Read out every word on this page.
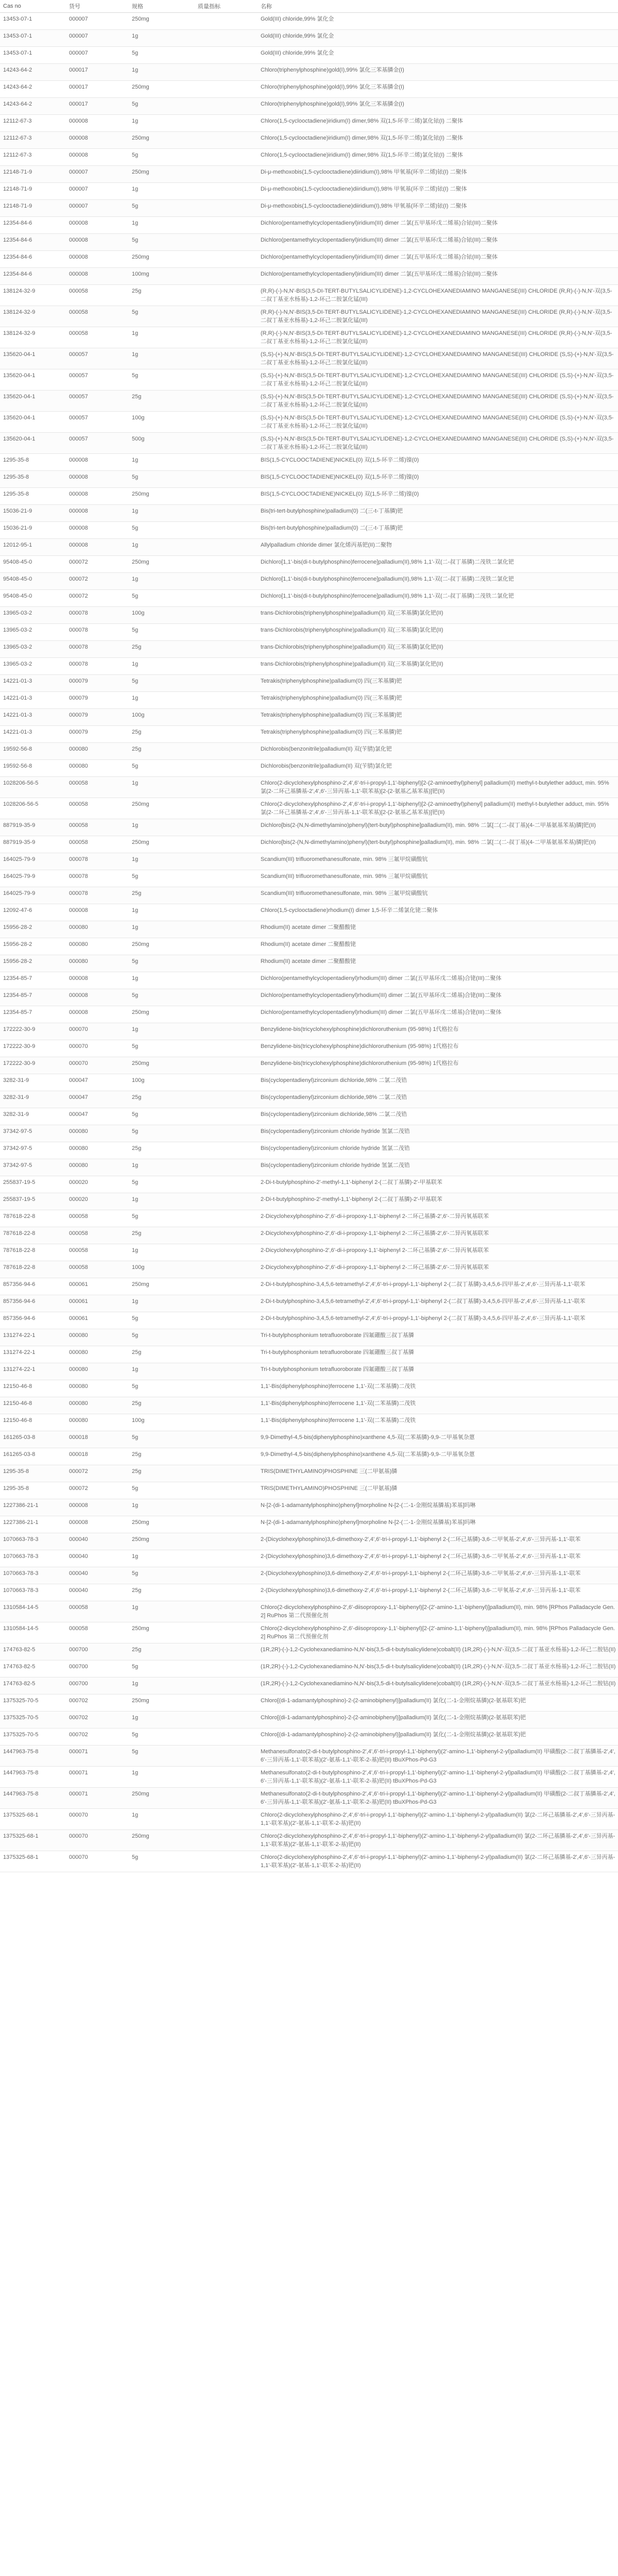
Cas no	货号	规格	质量指标	名称
13453-07-1	000007	250mg		Gold(III) chloride,99% 氯化金
13453-07-1	000007	1g		Gold(III) chloride,99% 氯化金
13453-07-1	000007	5g		Gold(III) chloride,99% 氯化金
14243-64-2	000017	1g		Chloro(triphenylphosphine)gold(I),99% 氯化三苯基膦金(I)
14243-64-2	000017	250mg		Chloro(triphenylphosphine)gold(I),99% 氯化三苯基膦金(I)
14243-64-2	000017	5g		Chloro(triphenylphosphine)gold(I),99% 氯化三苯基膦金(I)
12112-67-3	000008	1g		Chloro(1,5-cyclooctadiene)iridium(I) dimer,98% 双(1,5-环辛二烯)氯化铱(I) 二聚体
12112-67-3	000008	250mg		Chloro(1,5-cyclooctadiene)iridium(I) dimer,98% 双(1,5-环辛二烯)氯化铱(I) 二聚体
12112-67-3	000008	5g		Chloro(1,5-cyclooctadiene)iridium(I) dimer,98% 双(1,5-环辛二烯)氯化铱(I) 二聚体
12148-71-9	000007	250mg		Di-μ-methoxobis(1,5-cyclooctadiene)diiridium(I),98% 甲氧基(环辛二烯)铱(I) 二聚体
12148-71-9	000007	1g		Di-μ-methoxobis(1,5-cyclooctadiene)diiridium(I),98% 甲氧基(环辛二烯)铱(I) 二聚体
12148-71-9	000007	5g		Di-μ-methoxobis(1,5-cyclooctadiene)diiridium(I),98% 甲氧基(环辛二烯)铱(I) 二聚体
12354-84-6	000008	1g		Dichloro(pentamethylcyclopentadienyl)iridium(III) dimer 二氯(五甲基环戊二烯基)合铱(III)二聚体
12354-84-6	000008	5g		Dichloro(pentamethylcyclopentadienyl)iridium(III) dimer 二氯(五甲基环戊二烯基)合铱(III)二聚体
12354-84-6	000008	250mg		Dichloro(pentamethylcyclopentadienyl)iridium(III) dimer 二氯(五甲基环戊二烯基)合铱(III)二聚体
12354-84-6	000008	100mg		Dichloro(pentamethylcyclopentadienyl)iridium(III) dimer 二氯(五甲基环戊二烯基)合铱(III)二聚体
138124-32-9	000058	25g		(R,R)-(-)-N,N'-BIS(3,5-DI-TERT-BUTYLSALICYLIDENE)-1,2-CYCLOHEXANEDIAMINO MANGANESE(III) CHLORIDE (R,R)-(-)-N,N'-双(3,5-二叔丁基亚水杨基)-1,2-环己二胺氯化锰(III)
138124-32-9	000058	5g		(R,R)-(-)-N,N'-BIS(3,5-DI-TERT-BUTYLSALICYLIDENE)-1,2-CYCLOHEXANEDIAMINO MANGANESE(III) CHLORIDE (R,R)-(-)-N,N'-双(3,5-二叔丁基亚水杨基)-1,2-环己二胺氯化锰(III)
138124-32-9	000058	1g		(R,R)-(-)-N,N'-BIS(3,5-DI-TERT-BUTYLSALICYLIDENE)-1,2-CYCLOHEXANEDIAMINO MANGANESE(III) CHLORIDE (R,R)-(-)-N,N'-双(3,5-二叔丁基亚水杨基)-1,2-环己二胺氯化锰(III)
135620-04-1	000057	1g		(S,S)-(+)-N,N'-BIS(3,5-DI-TERT-BUTYLSALICYLIDENE)-1,2-CYCLOHEXANEDIAMINO MANGANESE(III) CHLORIDE (S,S)-(+)-N,N'-双(3,5-二叔丁基亚水杨基)-1,2-环己二胺氯化锰(III)
135620-04-1	000057	5g		(S,S)-(+)-N,N'-BIS(3,5-DI-TERT-BUTYLSALICYLIDENE)-1,2-CYCLOHEXANEDIAMINO MANGANESE(III) CHLORIDE (S,S)-(+)-N,N'-双(3,5-二叔丁基亚水杨基)-1,2-环己二胺氯化锰(III)
135620-04-1	000057	25g		(S,S)-(+)-N,N'-BIS(3,5-DI-TERT-BUTYLSALICYLIDENE)-1,2-CYCLOHEXANEDIAMINO MANGANESE(III) CHLORIDE (S,S)-(+)-N,N'-双(3,5-二叔丁基亚水杨基)-1,2-环己二胺氯化锰(III)
135620-04-1	000057	100g		(S,S)-(+)-N,N'-BIS(3,5-DI-TERT-BUTYLSALICYLIDENE)-1,2-CYCLOHEXANEDIAMINO MANGANESE(III) CHLORIDE (S,S)-(+)-N,N'-双(3,5-二叔丁基亚水杨基)-1,2-环己二胺氯化锰(III)
135620-04-1	000057	500g		(S,S)-(+)-N,N'-BIS(3,5-DI-TERT-BUTYLSALICYLIDENE)-1,2-CYCLOHEXANEDIAMINO MANGANESE(III) CHLORIDE (S,S)-(+)-N,N'-双(3,5-二叔丁基亚水杨基)-1,2-环己二胺氯化锰(III)
1295-35-8	000008	1g		BIS(1,5-CYCLOOCTADIENE)NICKEL(0) 双(1,5-环辛二烯)镍(0)
1295-35-8	000008	5g		BIS(1,5-CYCLOOCTADIENE)NICKEL(0) 双(1,5-环辛二烯)镍(0)
1295-35-8	000008	250mg		BIS(1,5-CYCLOOCTADIENE)NICKEL(0) 双(1,5-环辛二烯)镍(0)
15036-21-9	000008	1g		Bis(tri-tert-butylphosphine)palladium(0) 二(三-t-丁基膦)钯
15036-21-9	000008	5g		Bis(tri-tert-butylphosphine)palladium(0) 二(三-t-丁基膦)钯
12012-95-1	000008	1g		Allylpalladium chloride dimer 氯化烯丙基钯(II)二聚物
95408-45-0	000072	250mg		Dichloro[1,1'-bis(di-t-butylphosphino)ferrocene]palladium(II),98% 1,1'-双(二-叔丁基膦)二茂铁二氯化钯
95408-45-0	000072	1g		Dichloro[1,1'-bis(di-t-butylphosphino)ferrocene]palladium(II),98% 1,1'-双(二-叔丁基膦)二茂铁二氯化钯
95408-45-0	000072	5g		Dichloro[1,1'-bis(di-t-butylphosphino)ferrocene]palladium(II),98% 1,1'-双(二-叔丁基膦)二茂铁二氯化钯
13965-03-2	000078	100g		trans-Dichlorobis(triphenylphosphine)palladium(II) 双(三苯基膦)氯化钯(II)
13965-03-2	000078	5g		trans-Dichlorobis(triphenylphosphine)palladium(II) 双(三苯基膦)氯化钯(II)
13965-03-2	000078	25g		trans-Dichlorobis(triphenylphosphine)palladium(II) 双(三苯基膦)氯化钯(II)
13965-03-2	000078	1g		trans-Dichlorobis(triphenylphosphine)palladium(II) 双(三苯基膦)氯化钯(II)
14221-01-3	000079	5g		Tetrakis(triphenylphosphine)palladium(0) 四(三苯基膦)钯
14221-01-3	000079	1g		Tetrakis(triphenylphosphine)palladium(0) 四(三苯基膦)钯
14221-01-3	000079	100g		Tetrakis(triphenylphosphine)palladium(0) 四(三苯基膦)钯
14221-01-3	000079	25g		Tetrakis(triphenylphosphine)palladium(0) 四(三苯基膦)钯
19592-56-8	000080	25g		Dichlorobis(benzonitrile)palladium(II) 双(苄腈)氯化钯
19592-56-8	000080	5g		Dichlorobis(benzonitrile)palladium(II) 双(苄腈)氯化钯
1028206-56-5	000058	1g		Chloro(2-dicyclohexylphosphino-2',4',6'-tri-i-propyl-1,1'-biphenyl)[2-(2-aminoethyl)phenyl] palladium(II) methyl-t-butylether adduct, min. 95% 氯(2-二环己基膦基-2',4',6'-三异丙基-1,1'-联苯基)[2-(2-氨基乙基苯基)]钯(II)
1028206-56-5	000058	250mg		Chloro(2-dicyclohexylphosphino-2',4',6'-tri-i-propyl-1,1'-biphenyl)[2-(2-aminoethyl)phenyl] palladium(II) methyl-t-butylether adduct, min. 95% 氯(2-二环己基膦基-2',4',6'-三异丙基-1,1'-联苯基)[2-(2-氨基乙基苯基)]钯(II)
887919-35-9	000058	1g		Dichloro[bis(2-(N,N-dimethylamino)phenyl)(tert-butyl)phosphine]palladium(II), min. 98% 二氯[二(二-叔丁基)(4-二甲基氨基苯基)膦]钯(II)
887919-35-9	000058	250mg		Dichloro[bis(2-(N,N-dimethylamino)phenyl)(tert-butyl)phosphine]palladium(II), min. 98% 二氯[二(二-叔丁基)(4-二甲基氨基苯基)膦]钯(II)
164025-79-9	000078	1g		Scandium(III) trifluoromethanesulfonate, min. 98% 三氟甲烷磺酸钪
164025-79-9	000078	5g		Scandium(III) trifluoromethanesulfonate, min. 98% 三氟甲烷磺酸钪
164025-79-9	000078	25g		Scandium(III) trifluoromethanesulfonate, min. 98% 三氟甲烷磺酸钪
12092-47-6	000008	1g		Chloro(1,5-cyclooctadiene)rhodium(I) dimer 1,5-环辛二烯氯化铑二聚体
15956-28-2	000080	1g		Rhodium(II) acetate dimer 二聚醋酸铑
15956-28-2	000080	250mg		Rhodium(II) acetate dimer 二聚醋酸铑
15956-28-2	000080	5g		Rhodium(II) acetate dimer 二聚醋酸铑
12354-85-7	000008	1g		Dichloro(pentamethylcyclopentadienyl)rhodium(III) dimer 二氯(五甲基环戊二烯基)合铑(III)二聚体
12354-85-7	000008	5g		Dichloro(pentamethylcyclopentadienyl)rhodium(III) dimer 二氯(五甲基环戊二烯基)合铑(III)二聚体
12354-85-7	000008	250mg		Dichloro(pentamethylcyclopentadienyl)rhodium(III) dimer 二氯(五甲基环戊二烯基)合铑(III)二聚体
172222-30-9	000070	1g		Benzylidene-bis(tricyclohexylphosphine)dichlororuthenium (95-98%) 1代格拉布
172222-30-9	000070	5g		Benzylidene-bis(tricyclohexylphosphine)dichlororuthenium (95-98%) 1代格拉布
172222-30-9	000070	250mg		Benzylidene-bis(tricyclohexylphosphine)dichlororuthenium (95-98%) 1代格拉布
3282-31-9	000047	100g		Bis(cyclopentadienyl)zirconium dichloride,98% 二氯二茂锆
3282-31-9	000047	25g		Bis(cyclopentadienyl)zirconium dichloride,98% 二氯二茂锆
3282-31-9	000047	5g		Bis(cyclopentadienyl)zirconium dichloride,98% 二氯二茂锆
37342-97-5	000080	5g		Bis(cyclopentadienyl)zirconium chloride hydride 氢氯二茂锆
37342-97-5	000080	25g		Bis(cyclopentadienyl)zirconium chloride hydride 氢氯二茂锆
37342-97-5	000080	1g		Bis(cyclopentadienyl)zirconium chloride hydride 氢氯二茂锆
255837-19-5	000020	5g		2-Di-t-butylphosphino-2'-methyl-1,1'-biphenyl 2-(二叔丁基膦)-2'-甲基联苯
255837-19-5	000020	1g		2-Di-t-butylphosphino-2'-methyl-1,1'-biphenyl 2-(二叔丁基膦)-2'-甲基联苯
787618-22-8	000058	5g		2-Dicyclohexylphosphino-2',6'-di-i-propoxy-1,1'-biphenyl 2-二环己基膦-2',6'-二异丙氧基联苯
787618-22-8	000058	25g		2-Dicyclohexylphosphino-2',6'-di-i-propoxy-1,1'-biphenyl 2-二环己基膦-2',6'-二异丙氧基联苯
787618-22-8	000058	1g		2-Dicyclohexylphosphino-2',6'-di-i-propoxy-1,1'-biphenyl 2-二环己基膦-2',6'-二异丙氧基联苯
787618-22-8	000058	100g		2-Dicyclohexylphosphino-2',6'-di-i-propoxy-1,1'-biphenyl 2-二环己基膦-2',6'-二异丙氧基联苯
857356-94-6	000061	250mg		2-Di-t-butylphosphino-3,4,5,6-tetramethyl-2',4',6'-tri-i-propyl-1,1'-biphenyl 2-(二叔丁基膦)-3,4,5,6-四甲基-2',4',6'-三异丙基-1,1'-联苯
857356-94-6	000061	1g		2-Di-t-butylphosphino-3,4,5,6-tetramethyl-2',4',6'-tri-i-propyl-1,1'-biphenyl 2-(二叔丁基膦)-3,4,5,6-四甲基-2',4',6'-三异丙基-1,1'-联苯
857356-94-6	000061	5g		2-Di-t-butylphosphino-3,4,5,6-tetramethyl-2',4',6'-tri-i-propyl-1,1'-biphenyl 2-(二叔丁基膦)-3,4,5,6-四甲基-2',4',6'-三异丙基-1,1'-联苯
131274-22-1	000080	5g		Tri-t-butylphosphonium tetrafluoroborate 四氟硼酸三叔丁基膦
131274-22-1	000080	25g		Tri-t-butylphosphonium tetrafluoroborate 四氟硼酸三叔丁基膦
131274-22-1	000080	1g		Tri-t-butylphosphonium tetrafluoroborate 四氟硼酸三叔丁基膦
12150-46-8	000080	5g		1,1'-Bis(diphenylphosphino)ferrocene 1,1'-双(二苯基膦)二茂铁
12150-46-8	000080	25g		1,1'-Bis(diphenylphosphino)ferrocene 1,1'-双(二苯基膦)二茂铁
12150-46-8	000080	100g		1,1'-Bis(diphenylphosphino)ferrocene 1,1'-双(二苯基膦)二茂铁
161265-03-8	000018	5g		9,9-Dimethyl-4,5-bis(diphenylphosphino)xanthene 4,5-双(二苯基膦)-9,9-二甲基氧杂蒽
161265-03-8	000018	25g		9,9-Dimethyl-4,5-bis(diphenylphosphino)xanthene 4,5-双(二苯基膦)-9,9-二甲基氧杂蒽
1295-35-8	000072	25g		TRIS(DIMETHYLAMINO)PHOSPHINE 三(二甲氨基)膦
1295-35-8	000072	5g		TRIS(DIMETHYLAMINO)PHOSPHINE 三(二甲氨基)膦
1227386-21-1	000008	1g		N-[2-(di-1-adamantylphosphino)phenyl]morpholine N-[2-(二-1-金刚烷基膦基)苯基]吗啉
1227386-21-1	000008	250mg		N-[2-(di-1-adamantylphosphino)phenyl]morpholine N-[2-(二-1-金刚烷基膦基)苯基]吗啉
1070663-78-3	000040	250mg		2-(Dicyclohexylphosphino)3,6-dimethoxy-2',4',6'-tri-i-propyl-1,1'-biphenyl 2-(二环己基膦)-3,6-二甲氧基-2',4',6'-三异丙基-1,1'-联苯
1070663-78-3	000040	1g		2-(Dicyclohexylphosphino)3,6-dimethoxy-2',4',6'-tri-i-propyl-1,1'-biphenyl 2-(二环己基膦)-3,6-二甲氧基-2',4',6'-三异丙基-1,1'-联苯
1070663-78-3	000040	5g		2-(Dicyclohexylphosphino)3,6-dimethoxy-2',4',6'-tri-i-propyl-1,1'-biphenyl 2-(二环己基膦)-3,6-二甲氧基-2',4',6'-三异丙基-1,1'-联苯
1070663-78-3	000040	25g		2-(Dicyclohexylphosphino)3,6-dimethoxy-2',4',6'-tri-i-propyl-1,1'-biphenyl 2-(二环己基膦)-3,6-二甲氧基-2',4',6'-三异丙基-1,1'-联苯
1310584-14-5	000058	1g		Chloro(2-dicyclohexylphosphino-2',6'-diisopropoxy-1,1'-biphenyl)[2-(2'-amino-1,1'-biphenyl)]palladium(II), min. 98% [RPhos Palladacycle Gen. 2] RuPhos 第二代预催化剂
1310584-14-5	000058	250mg		Chloro(2-dicyclohexylphosphino-2',6'-diisopropoxy-1,1'-biphenyl)[2-(2'-amino-1,1'-biphenyl)]palladium(II), min. 98% [RPhos Palladacycle Gen. 2] RuPhos 第二代预催化剂
174763-82-5	000700	25g		(1R,2R)-(-)-1,2-Cyclohexanediamino-N,N'-bis(3,5-di-t-butylsalicylidene)cobalt(II) (1R,2R)-(-)-N,N'-双(3,5-二叔丁基亚水杨基)-1,2-环己二胺钴(II)
174763-82-5	000700	5g		(1R,2R)-(-)-1,2-Cyclohexanediamino-N,N'-bis(3,5-di-t-butylsalicylidene)cobalt(II) (1R,2R)-(-)-N,N'-双(3,5-二叔丁基亚水杨基)-1,2-环己二胺钴(II)
174763-82-5	000700	1g		(1R,2R)-(-)-1,2-Cyclohexanediamino-N,N'-bis(3,5-di-t-butylsalicylidene)cobalt(II) (1R,2R)-(-)-N,N'-双(3,5-二叔丁基亚水杨基)-1,2-环己二胺钴(II)
1375325-70-5	000702	250mg		Chloro[(di-1-adamantylphosphino)-2-(2-aminobiphenyl)]palladium(II) 氯化(二-1-金刚烷基膦)(2-氨基联苯)钯
1375325-70-5	000702	1g		Chloro[(di-1-adamantylphosphino)-2-(2-aminobiphenyl)]palladium(II) 氯化(二-1-金刚烷基膦)(2-氨基联苯)钯
1375325-70-5	000702	5g		Chloro[(di-1-adamantylphosphino)-2-(2-aminobiphenyl)]palladium(II) 氯化(二-1-金刚烷基膦)(2-氨基联苯)钯
1447963-75-8	000071	5g		Methanesulfonato(2-di-t-butylphosphino-2',4',6'-tri-i-propyl-1,1'-biphenyl)(2'-amino-1,1'-biphenyl-2-yl)palladium(II) 甲磺酸(2-二叔丁基膦基-2',4',6'-三异丙基-1,1'-联苯基)(2'-氨基-1,1'-联苯-2-基)钯(II) tBuXPhos-Pd-G3
1447963-75-8	000071	1g		Methanesulfonato(2-di-t-butylphosphino-2',4',6'-tri-i-propyl-1,1'-biphenyl)(2'-amino-1,1'-biphenyl-2-yl)palladium(II) 甲磺酸(2-二叔丁基膦基-2',4',6'-三异丙基-1,1'-联苯基)(2'-氨基-1,1'-联苯-2-基)钯(II) tBuXPhos-Pd-G3
1447963-75-8	000071	250mg		Methanesulfonato(2-di-t-butylphosphino-2',4',6'-tri-i-propyl-1,1'-biphenyl)(2'-amino-1,1'-biphenyl-2-yl)palladium(II) 甲磺酸(2-二叔丁基膦基-2',4',6'-三异丙基-1,1'-联苯基)(2'-氨基-1,1'-联苯-2-基)钯(II) tBuXPhos-Pd-G3
1375325-68-1	000070	1g		Chloro(2-dicyclohexylphosphino-2',4',6'-tri-i-propyl-1,1'-biphenyl)(2'-amino-1,1'-biphenyl-2-yl)palladium(II) 氯(2-二环己基膦基-2',4',6'-三异丙基-1,1'-联苯基)(2'-氨基-1,1'-联苯-2-基)钯(II)
1375325-68-1	000070	250mg		Chloro(2-dicyclohexylphosphino-2',4',6'-tri-i-propyl-1,1'-biphenyl)(2'-amino-1,1'-biphenyl-2-yl)palladium(II) 氯(2-二环己基膦基-2',4',6'-三异丙基-1,1'-联苯基)(2'-氨基-1,1'-联苯-2-基)钯(II)
1375325-68-1	000070	5g		Chloro(2-dicyclohexylphosphino-2',4',6'-tri-i-propyl-1,1'-biphenyl)(2'-amino-1,1'-biphenyl-2-yl)palladium(II) 氯(2-二环己基膦基-2',4',6'-三异丙基-1,1'-联苯基)(2'-氨基-1,1'-联苯-2-基)钯(II)
